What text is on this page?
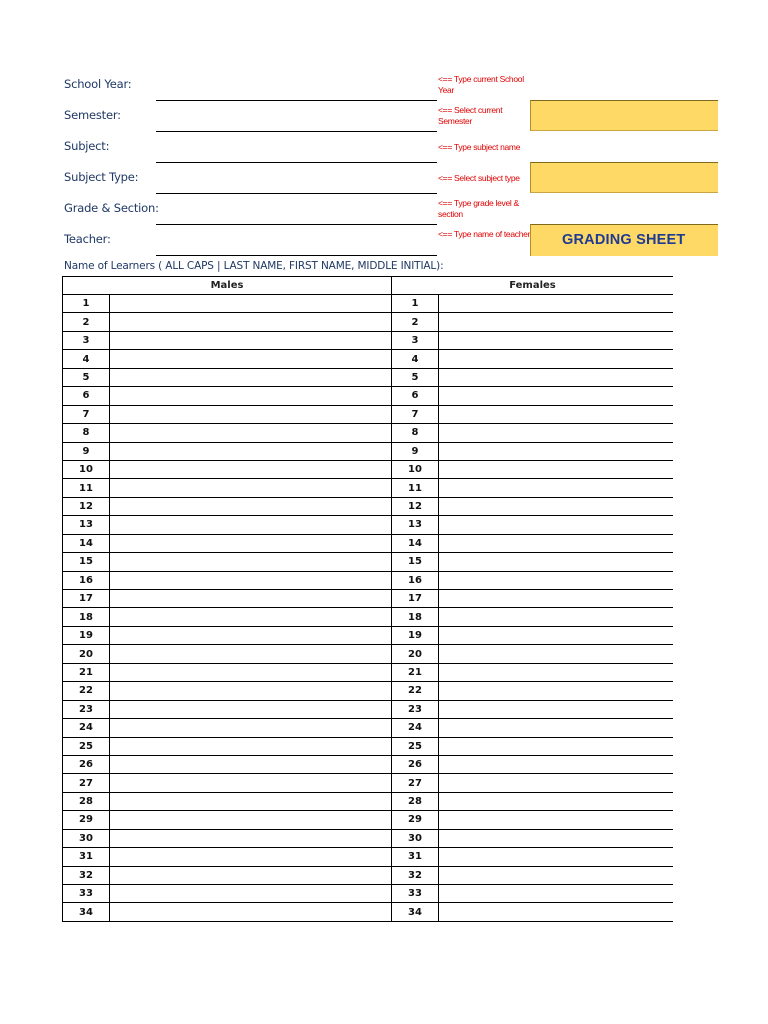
School Year:
Semester:
Subject:
Subject Type:
Grade & Section:
Teacher:
<== Type current School Year
<== Select current Semester
<== Type subject name
<== Select subject type
<== Type grade level & section
<== Type name of teacher GRADING SHEET
Name of Learners ( ALL CAPS | LAST NAME, FIRST NAME, MIDDLE INITIAL):
Males	Females
1	1
2	2
3	3
4	4
5	5
6	6
7	7
8	8
9	9
10	10
11	11
12	12
13	13
14	14
15	15
16	16
17	17
18	18
19	19
20	20
21	21
22	22
23	23
24	24
25	25
26	26
27	27
28	28
29	29
30	30
31	31
32	32
33	33
34	34
